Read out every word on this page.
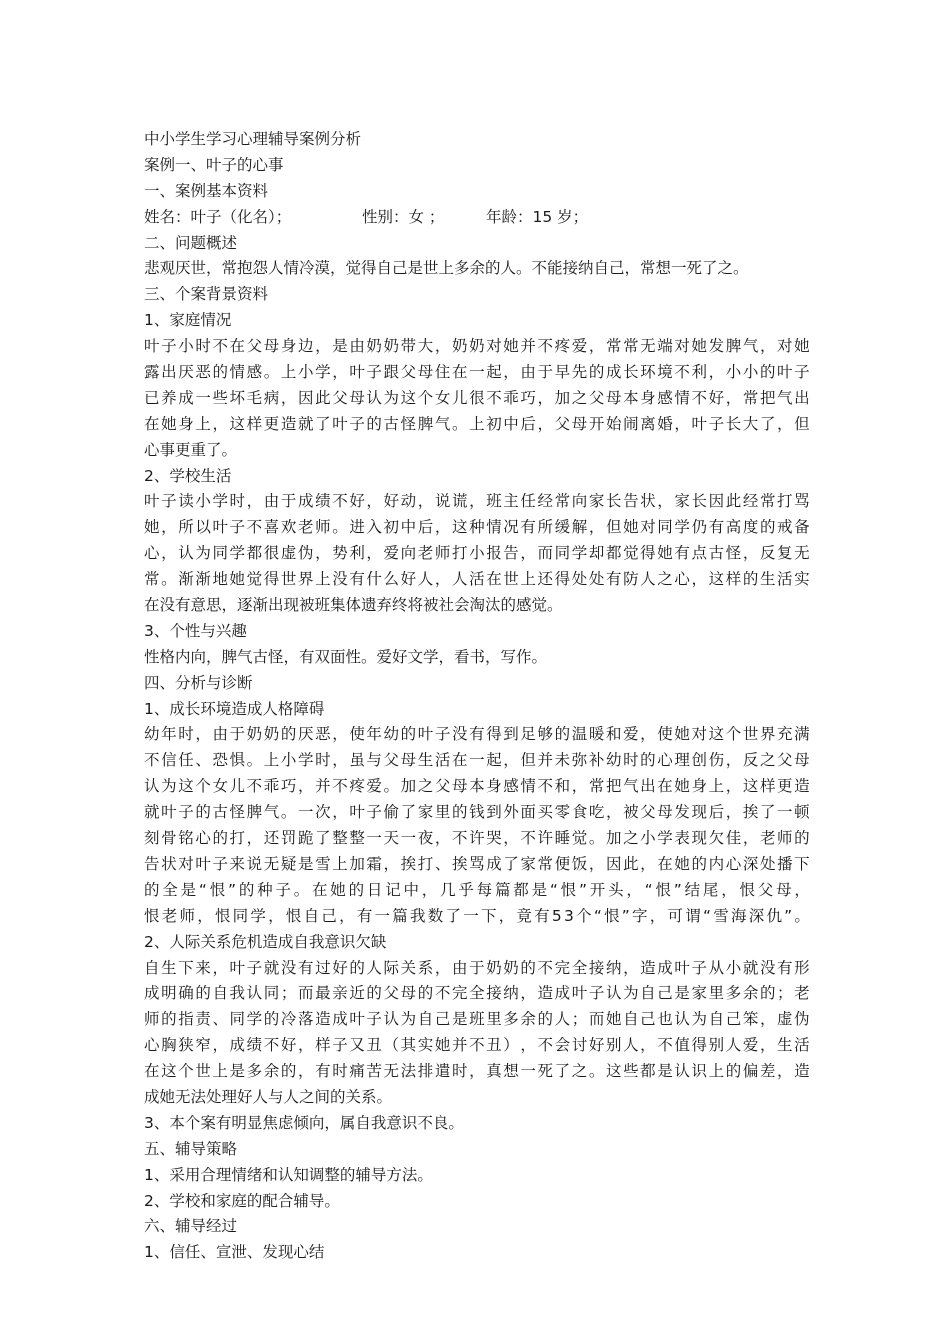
中小学生学习心理辅导案例分析
案例一、叶子的心事
一、案例基本资料
姓名：叶子（化名）；	性别：女 ；	年龄：15 岁；
二、问题概述
悲观厌世，常抱怨人情冷漠，觉得自己是世上多余的人。不能接纳自己，常想一死了之。
三、个案背景资料
1、家庭情况
叶 子 小 时 不 在 父 母 身 边 ， 是 由 奶 奶 带 大 ， 奶 奶 对 她 并 不 疼 爱 ， 常 常 无 端 对 她 发 脾 气 ， 对 她
露 出 厌 恶 的 情 感 。 上 小 学 ， 叶 子 跟 父 母 住 在 一 起 ， 由 于 早 先 的 成 长 环 境 不 利 ， 小 小 的 叶 子
已 养 成 一 些 坏 毛 病 ， 因 此 父 母 认 为 这 个 女 儿 很 不 乖 巧 ， 加 之 父 母 本 身 感 情 不 好 ， 常 把 气 出
在 她 身 上 ， 这 样 更 造 就 了 叶 子 的 古 怪 脾 气 。 上 初 中 后 ， 父 母 开 始 闹 离 婚 ， 叶 子 长 大 了 ， 但
心事更重了。
2、学校生活
叶 子 读 小 学 时 ， 由 于 成 绩 不 好 ， 好 动 ， 说 谎 ， 班 主 任 经 常 向 家 长 告 状 ， 家 长 因 此 经 常 打 骂
她 ， 所 以 叶 子 不 喜 欢 老 师 。 进 入 初 中 后 ， 这 种 情 况 有 所 缓 解 ， 但 她 对 同 学 仍 有 高 度 的 戒 备
心 ， 认 为 同 学 都 很 虚 伪 ， 势 利 ， 爱 向 老 师 打 小 报 告 ， 而 同 学 却 都 觉 得 她 有 点 古 怪 ， 反 复 无
常 。 渐 渐 地 她 觉 得 世 界 上 没 有 什 么 好 人 ， 人 活 在 世 上 还 得 处 处 有 防 人 之 心 ， 这 样 的 生 活 实
在没有意思，逐渐出现被班集体遗弃终将被社会淘汰的感觉。
3、个性与兴趣
性格内向，脾气古怪，有双面性。爱好文学，看书，写作。
四、分析与诊断
1、成长环境造成人格障碍
幼 年 时 ， 由 于 奶 奶 的 厌 恶 ， 使 年 幼 的 叶 子 没 有 得 到 足 够 的 温 暖 和 爱 ， 使 她 对 这 个 世 界 充 满
不 信 任 、 恐 惧 。 上 小 学 时 ， 虽 与 父 母 生 活 在 一 起 ， 但 并 未 弥 补 幼 时 的 心 理 创 伤 ， 反 之 父 母
认 为 这 个 女 儿 不 乖 巧 ， 并 不 疼 爱 。 加 之 父 母 本 身 感 情 不 和 ， 常 把 气 出 在 她 身 上 ， 这 样 更 造
就 叶 子 的 古 怪 脾 气 。 一 次 ， 叶 子 偷 了 家 里 的 钱 到 外 面 买 零 食 吃 ， 被 父 母 发 现 后 ， 挨 了 一 顿
刻 骨 铭 心 的 打 ， 还 罚 跪 了 整 整 一 天 一 夜 ， 不 许 哭 ， 不 许 睡 觉 。 加 之 小 学 表 现 欠 佳 ， 老 师 的
告 状 对 叶 子 来 说 无 疑 是 雪 上 加 霜 ， 挨 打 、 挨 骂 成 了 家 常 便 饭 ， 因 此 ， 在 她 的 内 心 深 处 播 下
的 全 是 “ 恨 ” 的 种 子 。 在 她 的 日 记 中 ， 几 乎 每 篇 都 是 “ 恨 ” 开 头 ， “ 恨 ” 结 尾 ， 恨 父 母 ，
恨 老 师 ， 恨 同 学 ， 恨 自 己 ， 有 一 篇 我 数 了 一 下 ， 竟 有 5 3 个 “ 恨 ” 字 ， 可 谓 “ 雪 海 深 仇 ” 。
2、人际关系危机造成自我意识欠缺
自 生 下 来 ， 叶 子 就 没 有 过 好 的 人 际 关 系 ， 由 于 奶 奶 的 不 完 全 接 纳 ， 造 成 叶 子 从 小 就 没 有 形
成 明 确 的 自 我 认 同 ； 而 最 亲 近 的 父 母 的 不 完 全 接 纳 ， 造 成 叶 子 认 为 自 己 是 家 里 多 余 的 ； 老
师 的 指 责 、 同 学 的 冷 落 造 成 叶 子 认 为 自 己 是 班 里 多 余 的 人 ； 而 她 自 己 也 认 为 自 己 笨 ， 虚 伪
心 胸 狭 窄 ， 成 绩 不 好 ， 样 子 又 丑 （ 其 实 她 并 不 丑 ） ， 不 会 讨 好 别 人 ， 不 值 得 别 人 爱 ， 生 活
在 这 个 世 上 是 多 余 的 ， 有 时 痛 苦 无 法 排 遣 时 ， 真 想 一 死 了 之 。 这 些 都 是 认 识 上 的 偏 差 ， 造
成她无法处理好人与人之间的关系。
3、本个案有明显焦虑倾向，属自我意识不良。
五、辅导策略
1、采用合理情绪和认知调整的辅导方法。
2、学校和家庭的配合辅导。
六、辅导经过
1、信任、宣泄、发现心结
